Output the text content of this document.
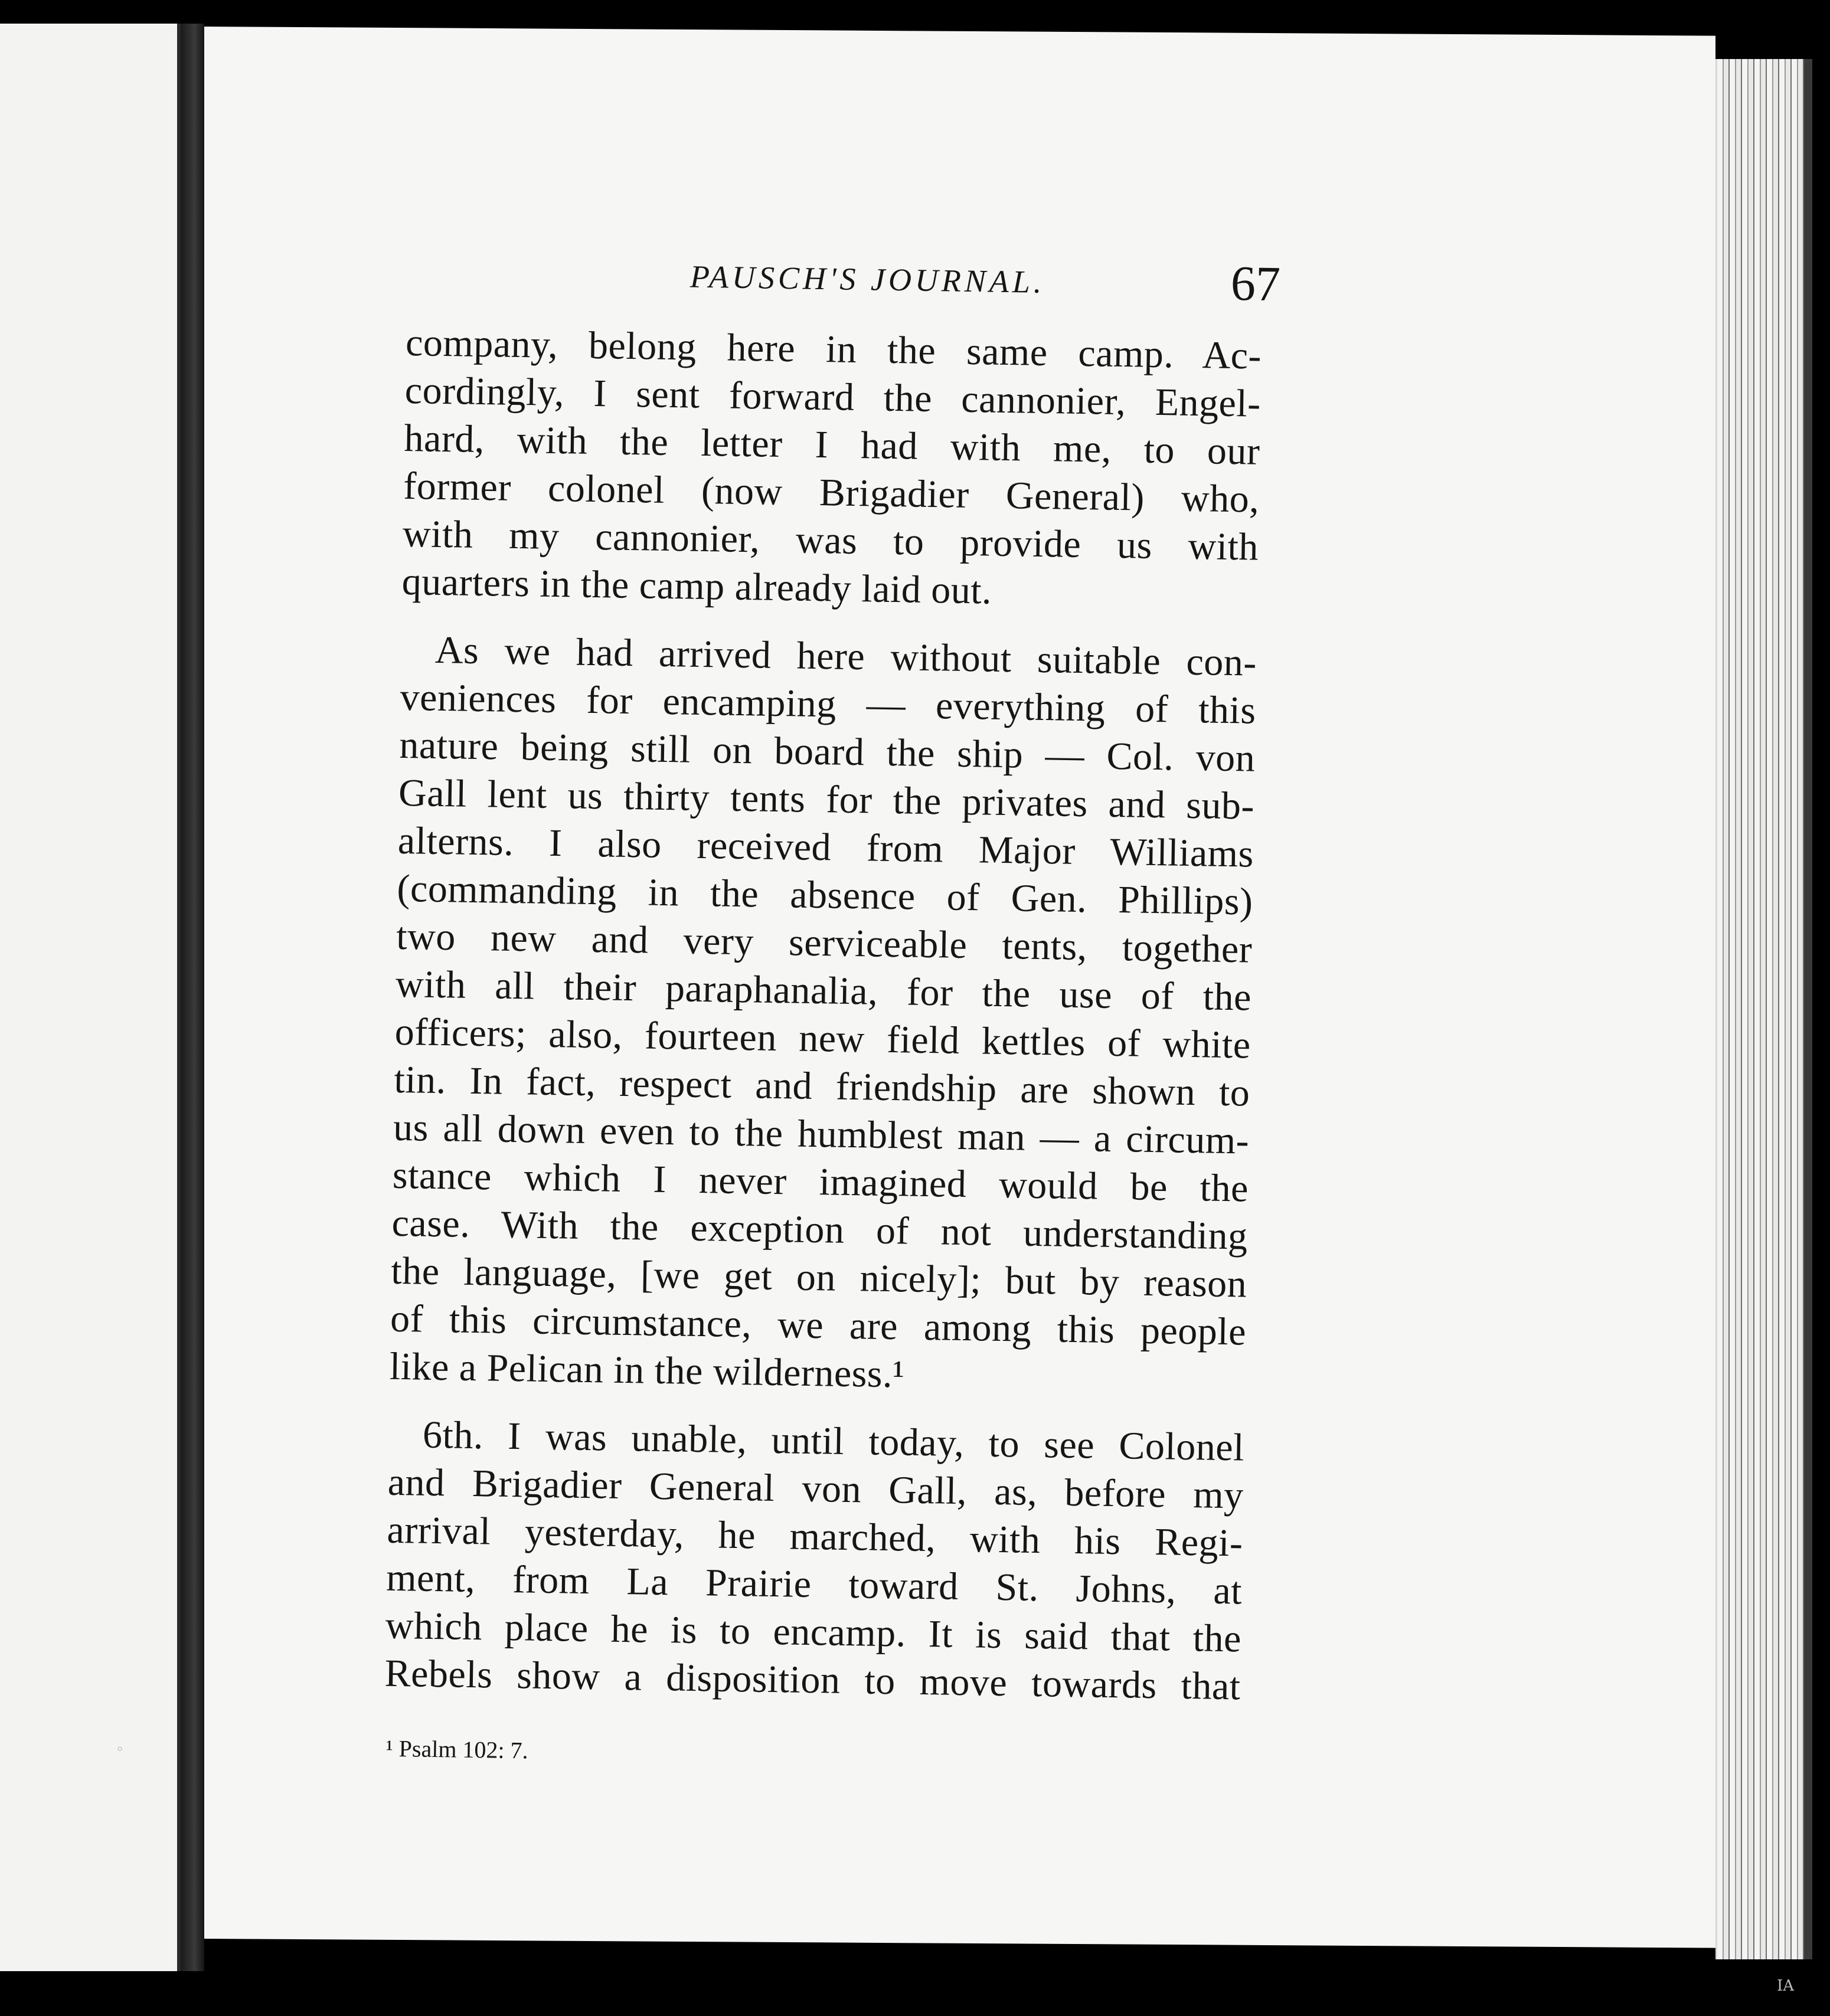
◦
ΙΑ
PAUSCH'S JOURNAL.	67
company, belong here in the same camp. Ac-
cordingly, I sent forward the cannonier, Engel-
hard, with the letter I had with me, to our
former colonel (now Brigadier General) who,
with my cannonier, was to provide us with
quarters in the camp already laid out.
As we had arrived here without suitable con-
veniences for encamping — everything of this
nature being still on board the ship — Col. von
Gall lent us thirty tents for the privates and sub-
alterns. I also received from Major Williams
(commanding in the absence of Gen. Phillips)
two new and very serviceable tents, together
with all their paraphanalia, for the use of the
officers; also, fourteen new field kettles of white
tin. In fact, respect and friendship are shown to
us all down even to the humblest man — a circum-
stance which I never imagined would be the
case. With the exception of not understanding
the language, [we get on nicely]; but by reason
of this circumstance, we are among this people
like a Pelican in the wilderness.¹
6th. I was unable, until today, to see Colonel
and Brigadier General von Gall, as, before my
arrival yesterday, he marched, with his Regi-
ment, from La Prairie toward St. Johns, at
which place he is to encamp. It is said that the
Rebels show a disposition to move towards that
¹ Psalm 102: 7.
